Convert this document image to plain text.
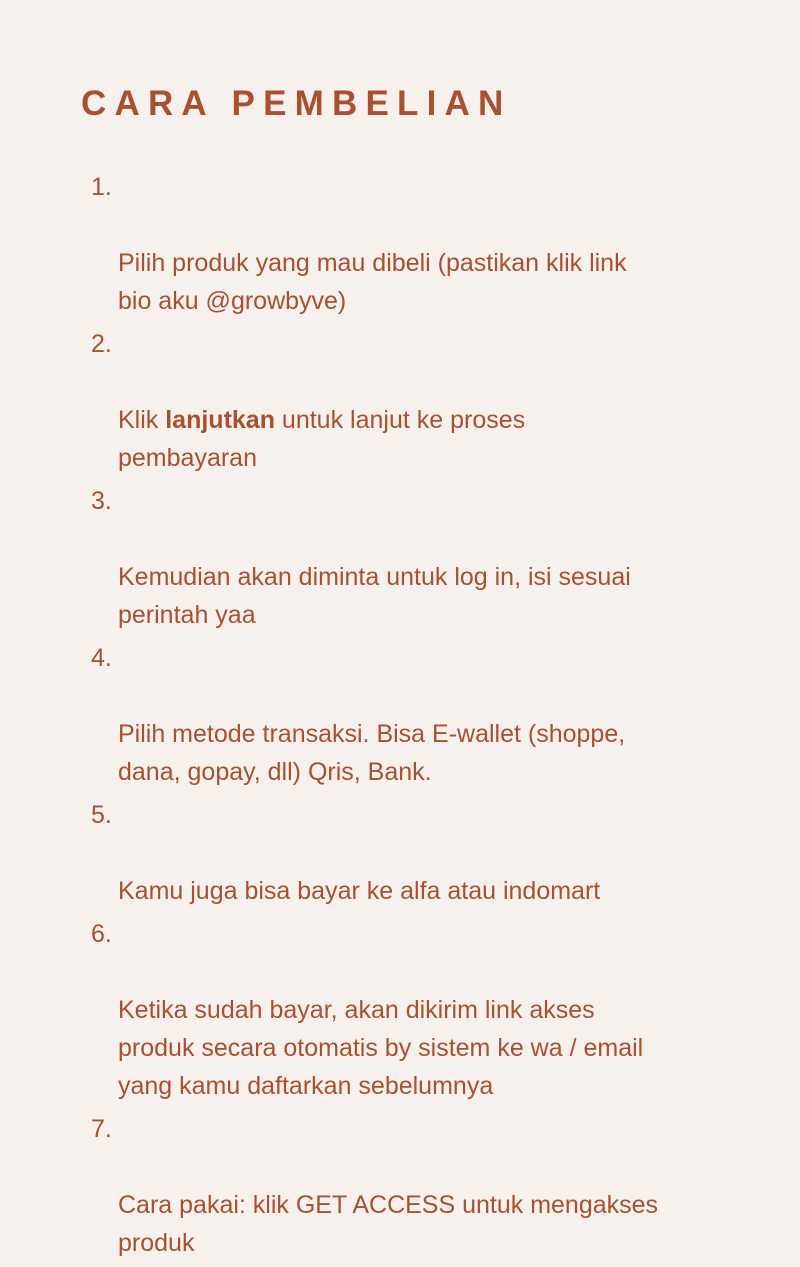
CARA PEMBELIAN

1.

Pilih produk yang mau dibeli (pastikan klik link
bio aku @growbyve)

2.

Klik lanjutkan untuk lanjut ke proses
pembayaran

3.

Kemudian akan diminta untuk log in, isi sesuai
perintah yaa

4.

Pilih metode transaksi. Bisa E-wallet (shoppe,
dana, gopay, dll) Qris, Bank.

5.

Kamu juga bisa bayar ke alfa atau indomart

6.

Ketika sudah bayar, akan dikirim link akses
produk secara otomatis by sistem ke wa / email
yang kamu daftarkan sebelumnya

7.

Cara pakai: klik GET ACCESS untuk mengakses
produk
